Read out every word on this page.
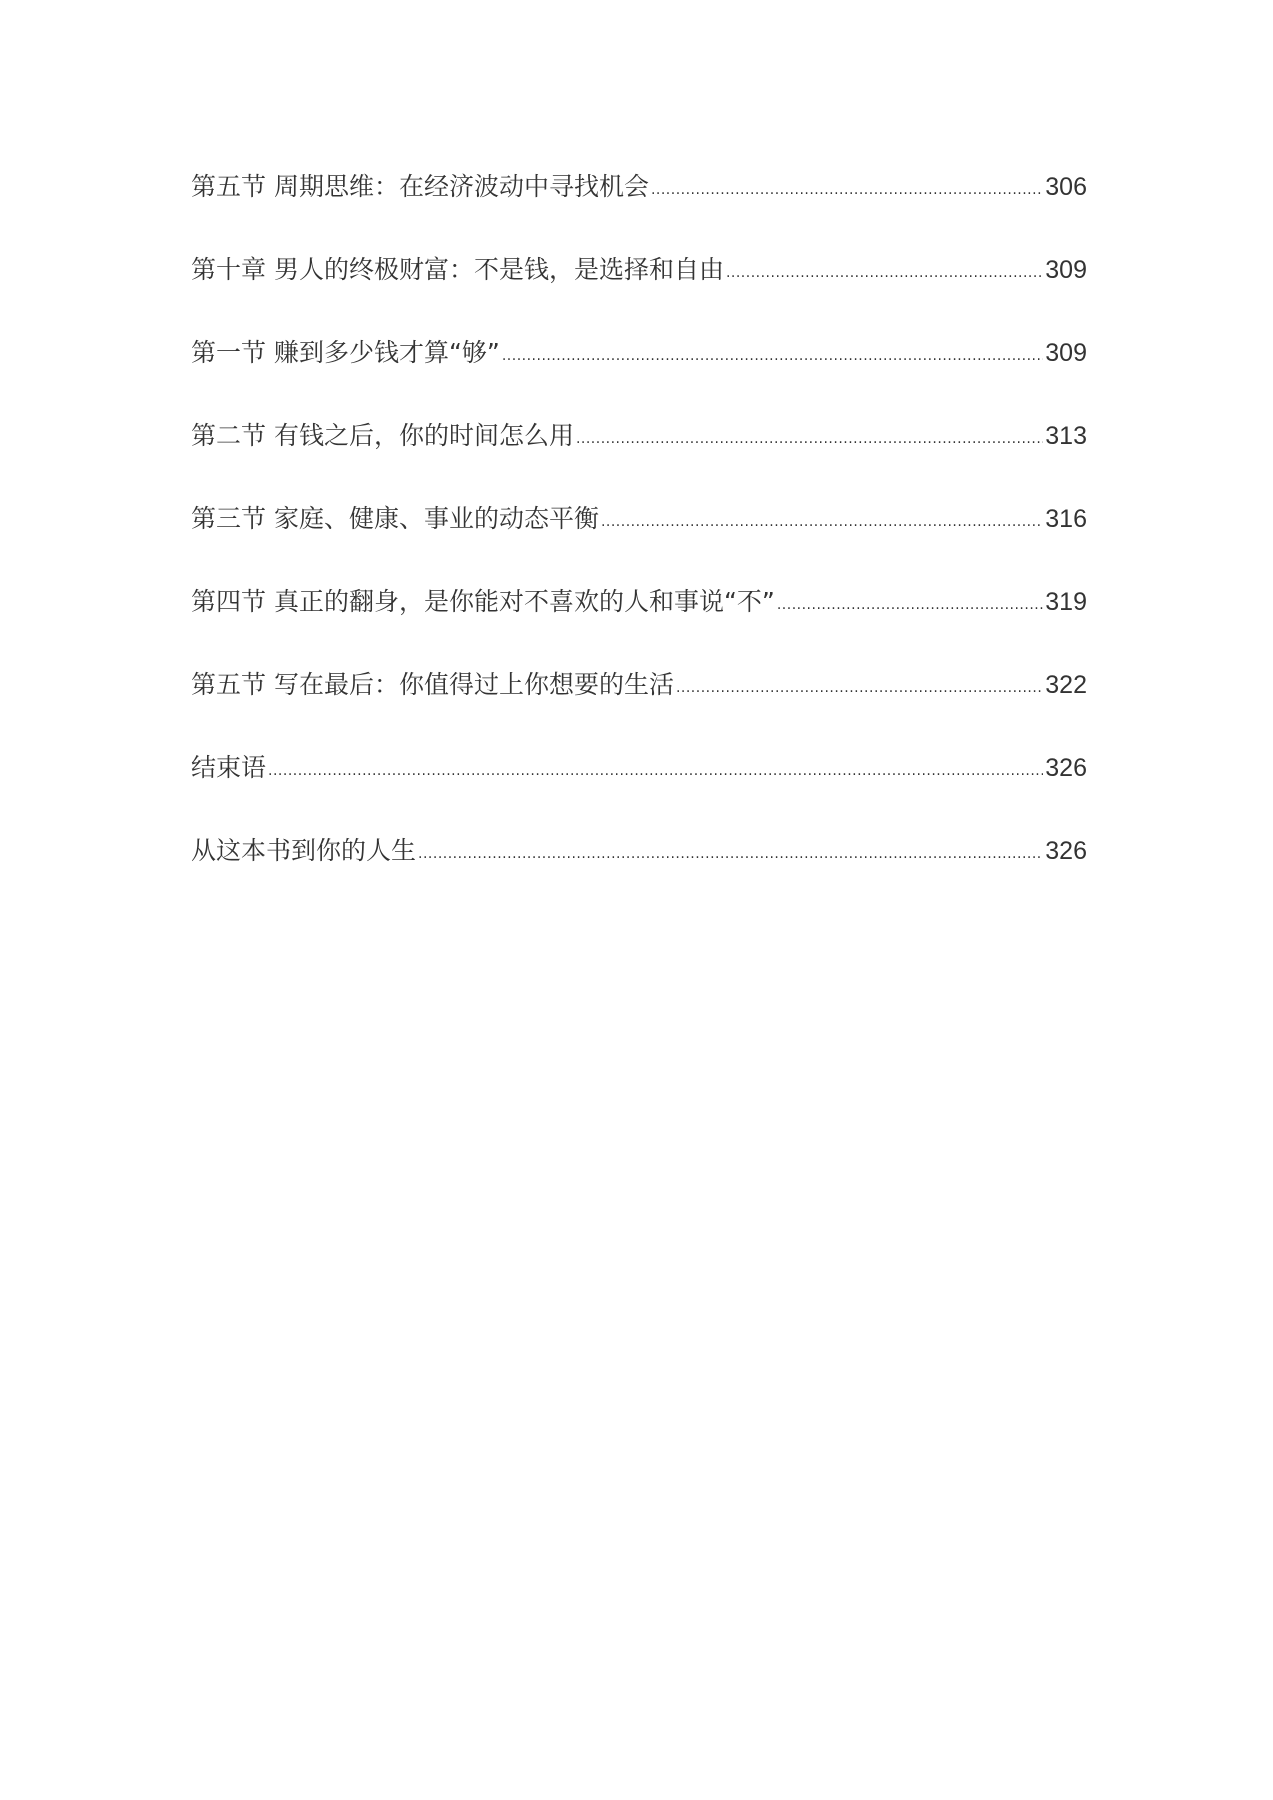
第五节 周期思维：在经济波动中寻找机会 .....	306
第十章 男人的终极财富：不是钱，是选择和自由 .....	309
第一节 赚到多少钱才算“够” .....	309
第二节 有钱之后，你的时间怎么用 .....	313
第三节 家庭、健康、事业的动态平衡 .....	316
第四节 真正的翻身，是你能对不喜欢的人和事说“不” .....	319
第五节 写在最后：你值得过上你想要的生活 .....	322
结束语 .....	326
从这本书到你的人生 .....	326
